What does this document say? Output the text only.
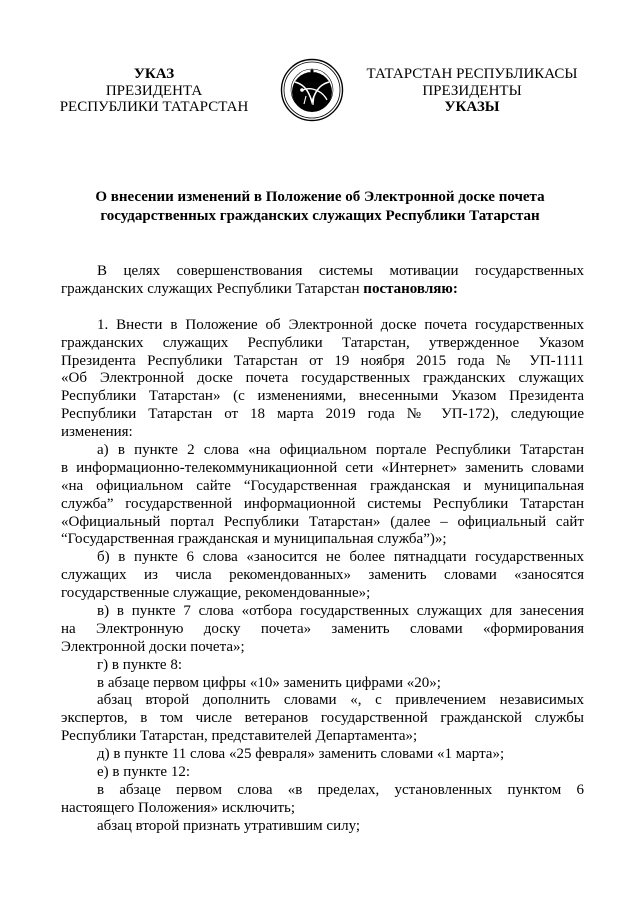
УКАЗ
ПРЕЗИДЕНТА
РЕСПУБЛИКИ ТАТАРСТАН
ТАТАРСТАН РЕСПУБЛИКАСЫ
ПРЕЗИДЕНТЫ
УКАЗЫ
О внесении изменений в Положение об Электронной доске почета
государственных гражданских служащих Республики Татарстан
В целях совершенствования системы мотивации государственных
гражданских служащих Республики Татарстан постановляю:
1. Внести в Положение об Электронной доске почета государственных
гражданских служащих Республики Татарстан, утвержденное Указом
Президента Республики Татарстан от 19 ноября 2015 года № УП-1111
«Об Электронной доске почета государственных гражданских служащих
Республики Татарстан» (с изменениями, внесенными Указом Президента
Республики Татарстан от 18 марта 2019 года № УП-172), следующие
изменения:
а) в пункте 2 слова «на официальном портале Республики Татарстан
в информационно-телекоммуникационной сети «Интернет» заменить словами
«на официальном сайте “Государственная гражданская и муниципальная
служба” государственной информационной системы Республики Татарстан
«Официальный портал Республики Татарстан» (далее – официальный сайт
“Государственная гражданская и муниципальная служба”)»;
б) в пункте 6 слова «заносится не более пятнадцати государственных
служащих из числа рекомендованных» заменить словами «заносятся
государственные служащие, рекомендованные»;
в) в пункте 7 слова «отбора государственных служащих для занесения
на Электронную доску почета» заменить словами «формирования
Электронной доски почета»;
г) в пункте 8:
в абзаце первом цифры «10» заменить цифрами «20»;
абзац второй дополнить словами «, с привлечением независимых
экспертов, в том числе ветеранов государственной гражданской службы
Республики Татарстан, представителей Департамента»;
д) в пункте 11 слова «25 февраля» заменить словами «1 марта»;
е) в пункте 12:
в абзаце первом слова «в пределах, установленных пунктом 6
настоящего Положения» исключить;
абзац второй признать утратившим силу;
